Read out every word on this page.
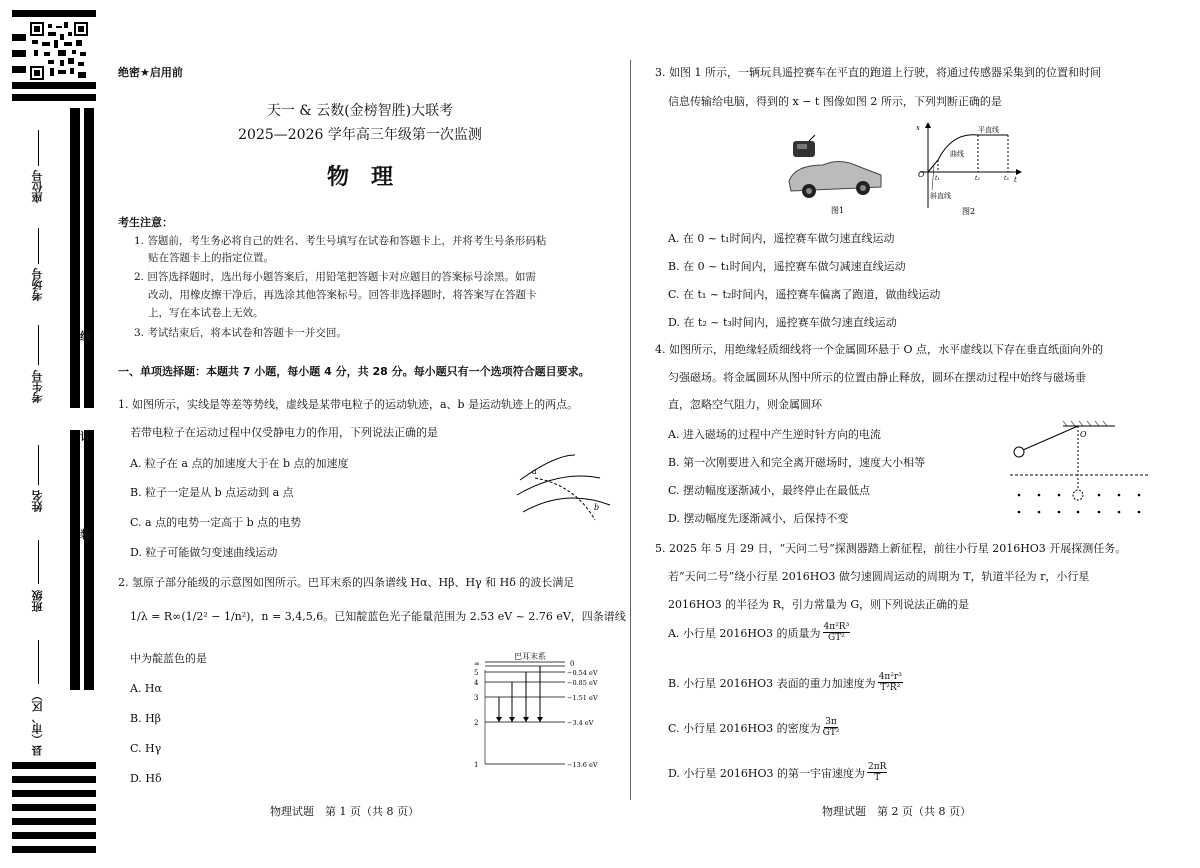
座位号
考场号
考生号
姓名
班级
县（市、区）
线
订
装
绝密★启用前
天一 & 云数(金榜智胜)大联考
2025—2026 学年高三年级第一次监测
物　理
考生注意：
1. 答题前，考生务必将自己的姓名、考生号填写在试卷和答题卡上，并将考生号条形码粘
贴在答题卡上的指定位置。
2. 回答选择题时，选出每小题答案后，用铅笔把答题卡对应题目的答案标号涂黑。如需
改动，用橡皮擦干净后，再选涂其他答案标号。回答非选择题时，将答案写在答题卡
上，写在本试卷上无效。
3. 考试结束后，将本试卷和答题卡一并交回。
一、单项选择题：本题共 7 小题，每小题 4 分，共 28 分。每小题只有一个选项符合题目要求。
1. 如图所示，实线是等差等势线，虚线是某带电粒子的运动轨迹，a、b 是运动轨迹上的两点。
若带电粒子在运动过程中仅受静电力的作用，下列说法正确的是
A. 粒子在 a 点的加速度大于在 b 点的加速度
B. 粒子一定是从 b 点运动到 a 点
C. a 点的电势一定高于 b 点的电势
D. 粒子可能做匀变速曲线运动
a
b
2. 氢原子部分能级的示意图如图所示。巴耳末系的四条谱线 Hα、Hβ、Hγ 和 Hδ 的波长满足
1/λ = R∞(1/2² − 1/n²)，n = 3,4,5,6。已知靛蓝色光子能量范围为 2.53 eV ~ 2.76 eV，四条谱线
中为靛蓝色的是
A. Hα
B. Hβ
C. Hγ
D. Hδ
巴耳末系
∞	0
5	−0.54 eV
4	−0.85 eV
3	−1.51 eV
2	−3.4 eV
1	−13.6 eV
物理试题　第 1 页（共 8 页）
3. 如图 1 所示，一辆玩具遥控赛车在平直的跑道上行驶，将通过传感器采集到的位置和时间
信息传输给电脑，得到的 x − t 图像如图 2 所示，下列判断正确的是
图1
x
t
O t₁	t₂	t₃
平直线
曲线
斜直线
图2
A. 在 0 ~ t₁时间内，遥控赛车做匀速直线运动
B. 在 0 ~ t₁时间内，遥控赛车做匀减速直线运动
C. 在 t₁ ~ t₂时间内，遥控赛车偏离了跑道，做曲线运动
D. 在 t₂ ~ t₃时间内，遥控赛车做匀速直线运动
4. 如图所示，用绝缘轻质细线将一个金属圆环悬于 O 点，水平虚线以下存在垂直纸面向外的
匀强磁场。将金属圆环从图中所示的位置由静止释放，圆环在摆动过程中始终与磁场垂
直，忽略空气阻力，则金属圆环
A. 进入磁场的过程中产生逆时针方向的电流
B. 第一次刚要进入和完全离开磁场时，速度大小相等
C. 摆动幅度逐渐减小，最终停止在最低点
D. 摆动幅度先逐渐减小，后保持不变
O
5. 2025 年 5 月 29 日，“天问二号”探测器踏上新征程，前往小行星 2016HO3 开展探测任务。
若“天问二号”绕小行星 2016HO3 做匀速圆周运动的周期为 T，轨道半径为 r，小行星
2016HO3 的半径为 R，引力常量为 G，则下列说法正确的是
A. 小行星 2016HO3 的质量为 $\frac{\text{4π²R³}}{\text{GT²}}$
B. 小行星 2016HO3 表面的重力加速度为 $\frac{\text{4π²r³}}{\text{T²R²}}$
C. 小行星 2016HO3 的密度为 $\frac{3\pi}{\text{GT²}}$
D. 小行星 2016HO3 的第一宇宙速度为 $\frac{2\pi R}{T}$
物理试题　第 2 页（共 8 页）
